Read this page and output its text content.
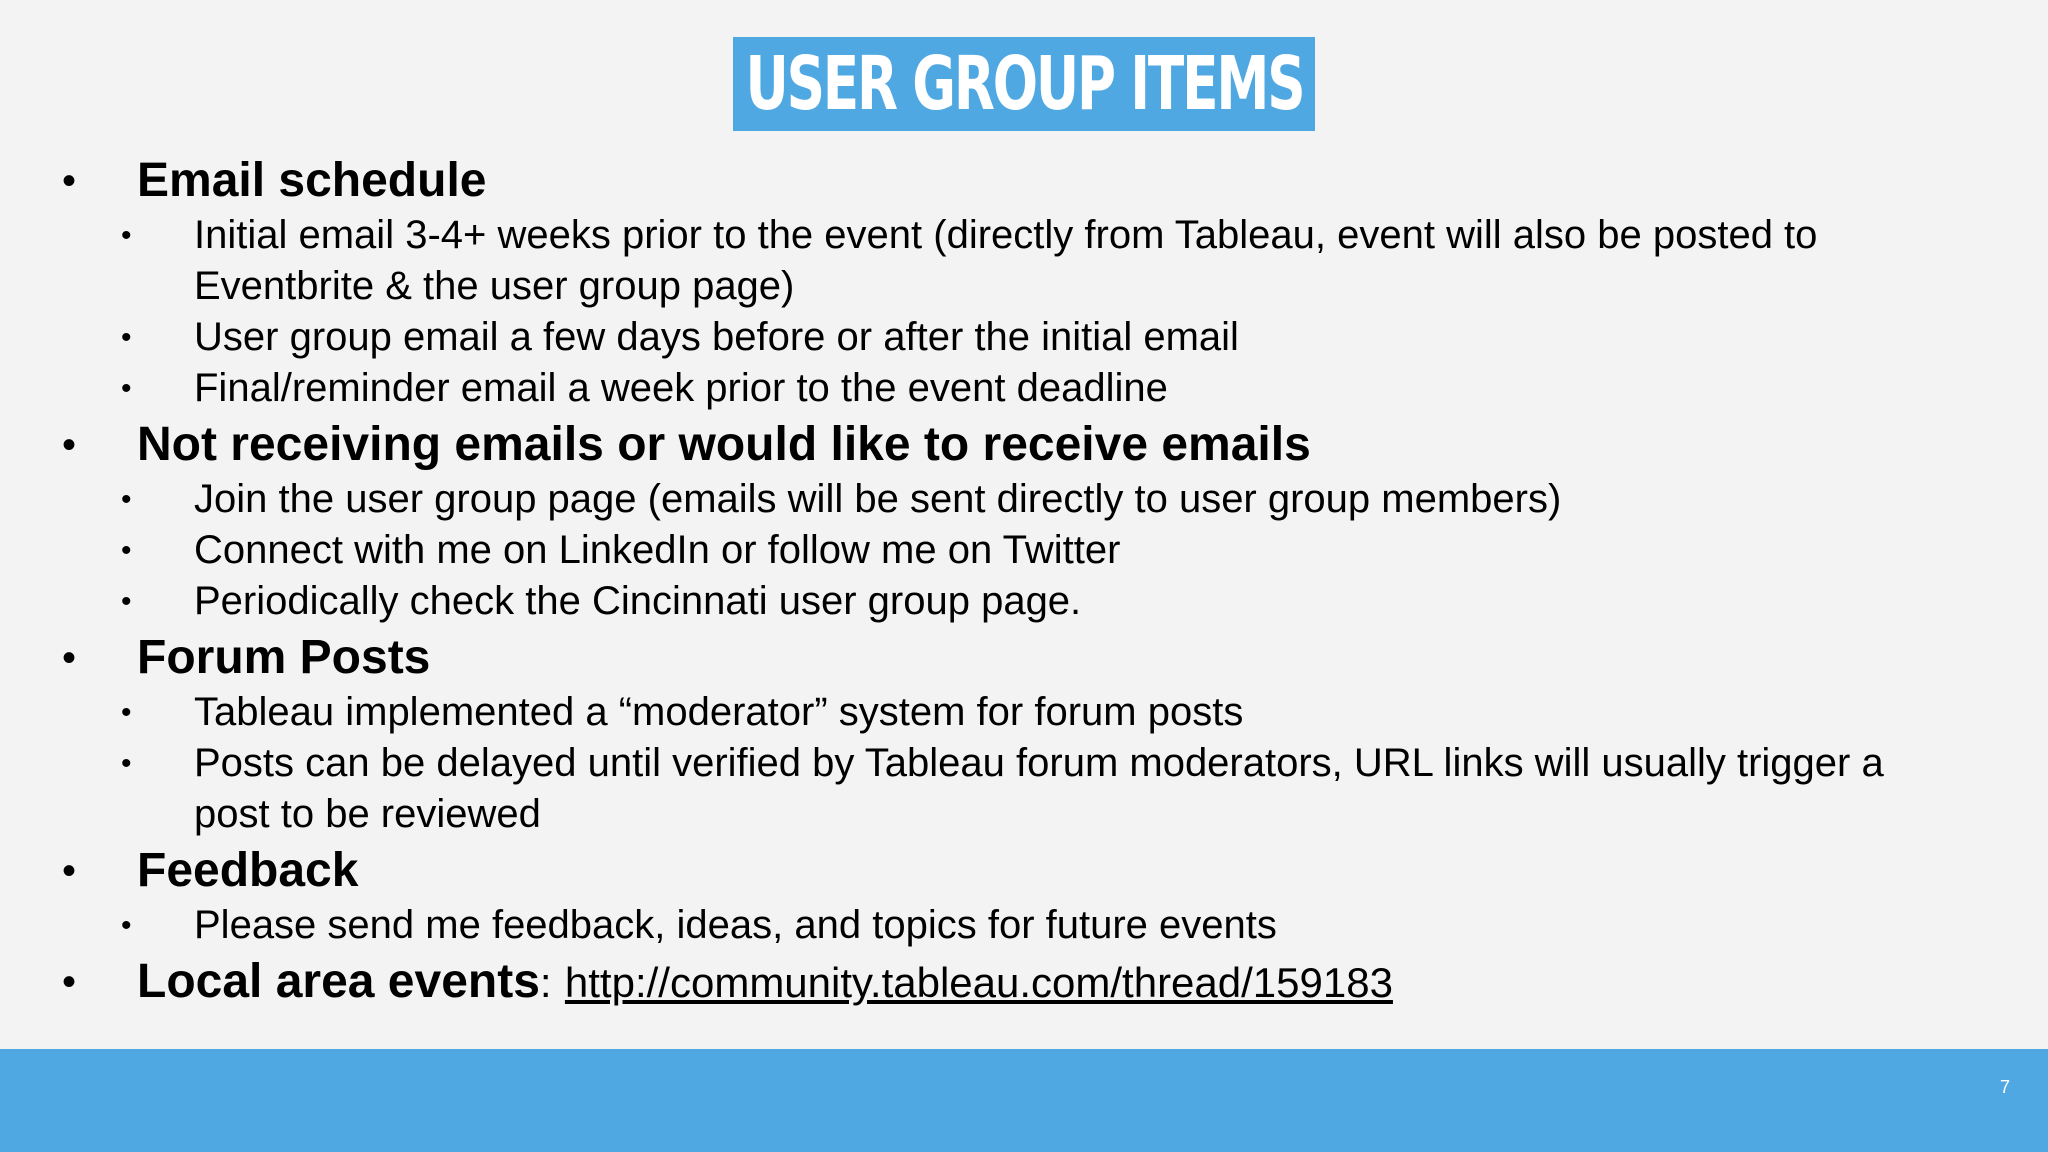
USER GROUP ITEMS
• Email schedule
• Initial email 3-4+ weeks prior to the event (directly from Tableau, event will also be posted to Eventbrite & the user group page)
• User group email a few days before or after the initial email
• Final/reminder email a week prior to the event deadline
• Not receiving emails or would like to receive emails
• Join the user group page (emails will be sent directly to user group members)
• Connect with me on LinkedIn or follow me on Twitter
• Periodically check the Cincinnati user group page.
• Forum Posts
• Tableau implemented a “moderator” system for forum posts
• Posts can be delayed until verified by Tableau forum moderators, URL links will usually trigger a post to be reviewed
• Feedback
• Please send me feedback, ideas, and topics for future events
• Local area events: http://community.tableau.com/thread/159183
7
